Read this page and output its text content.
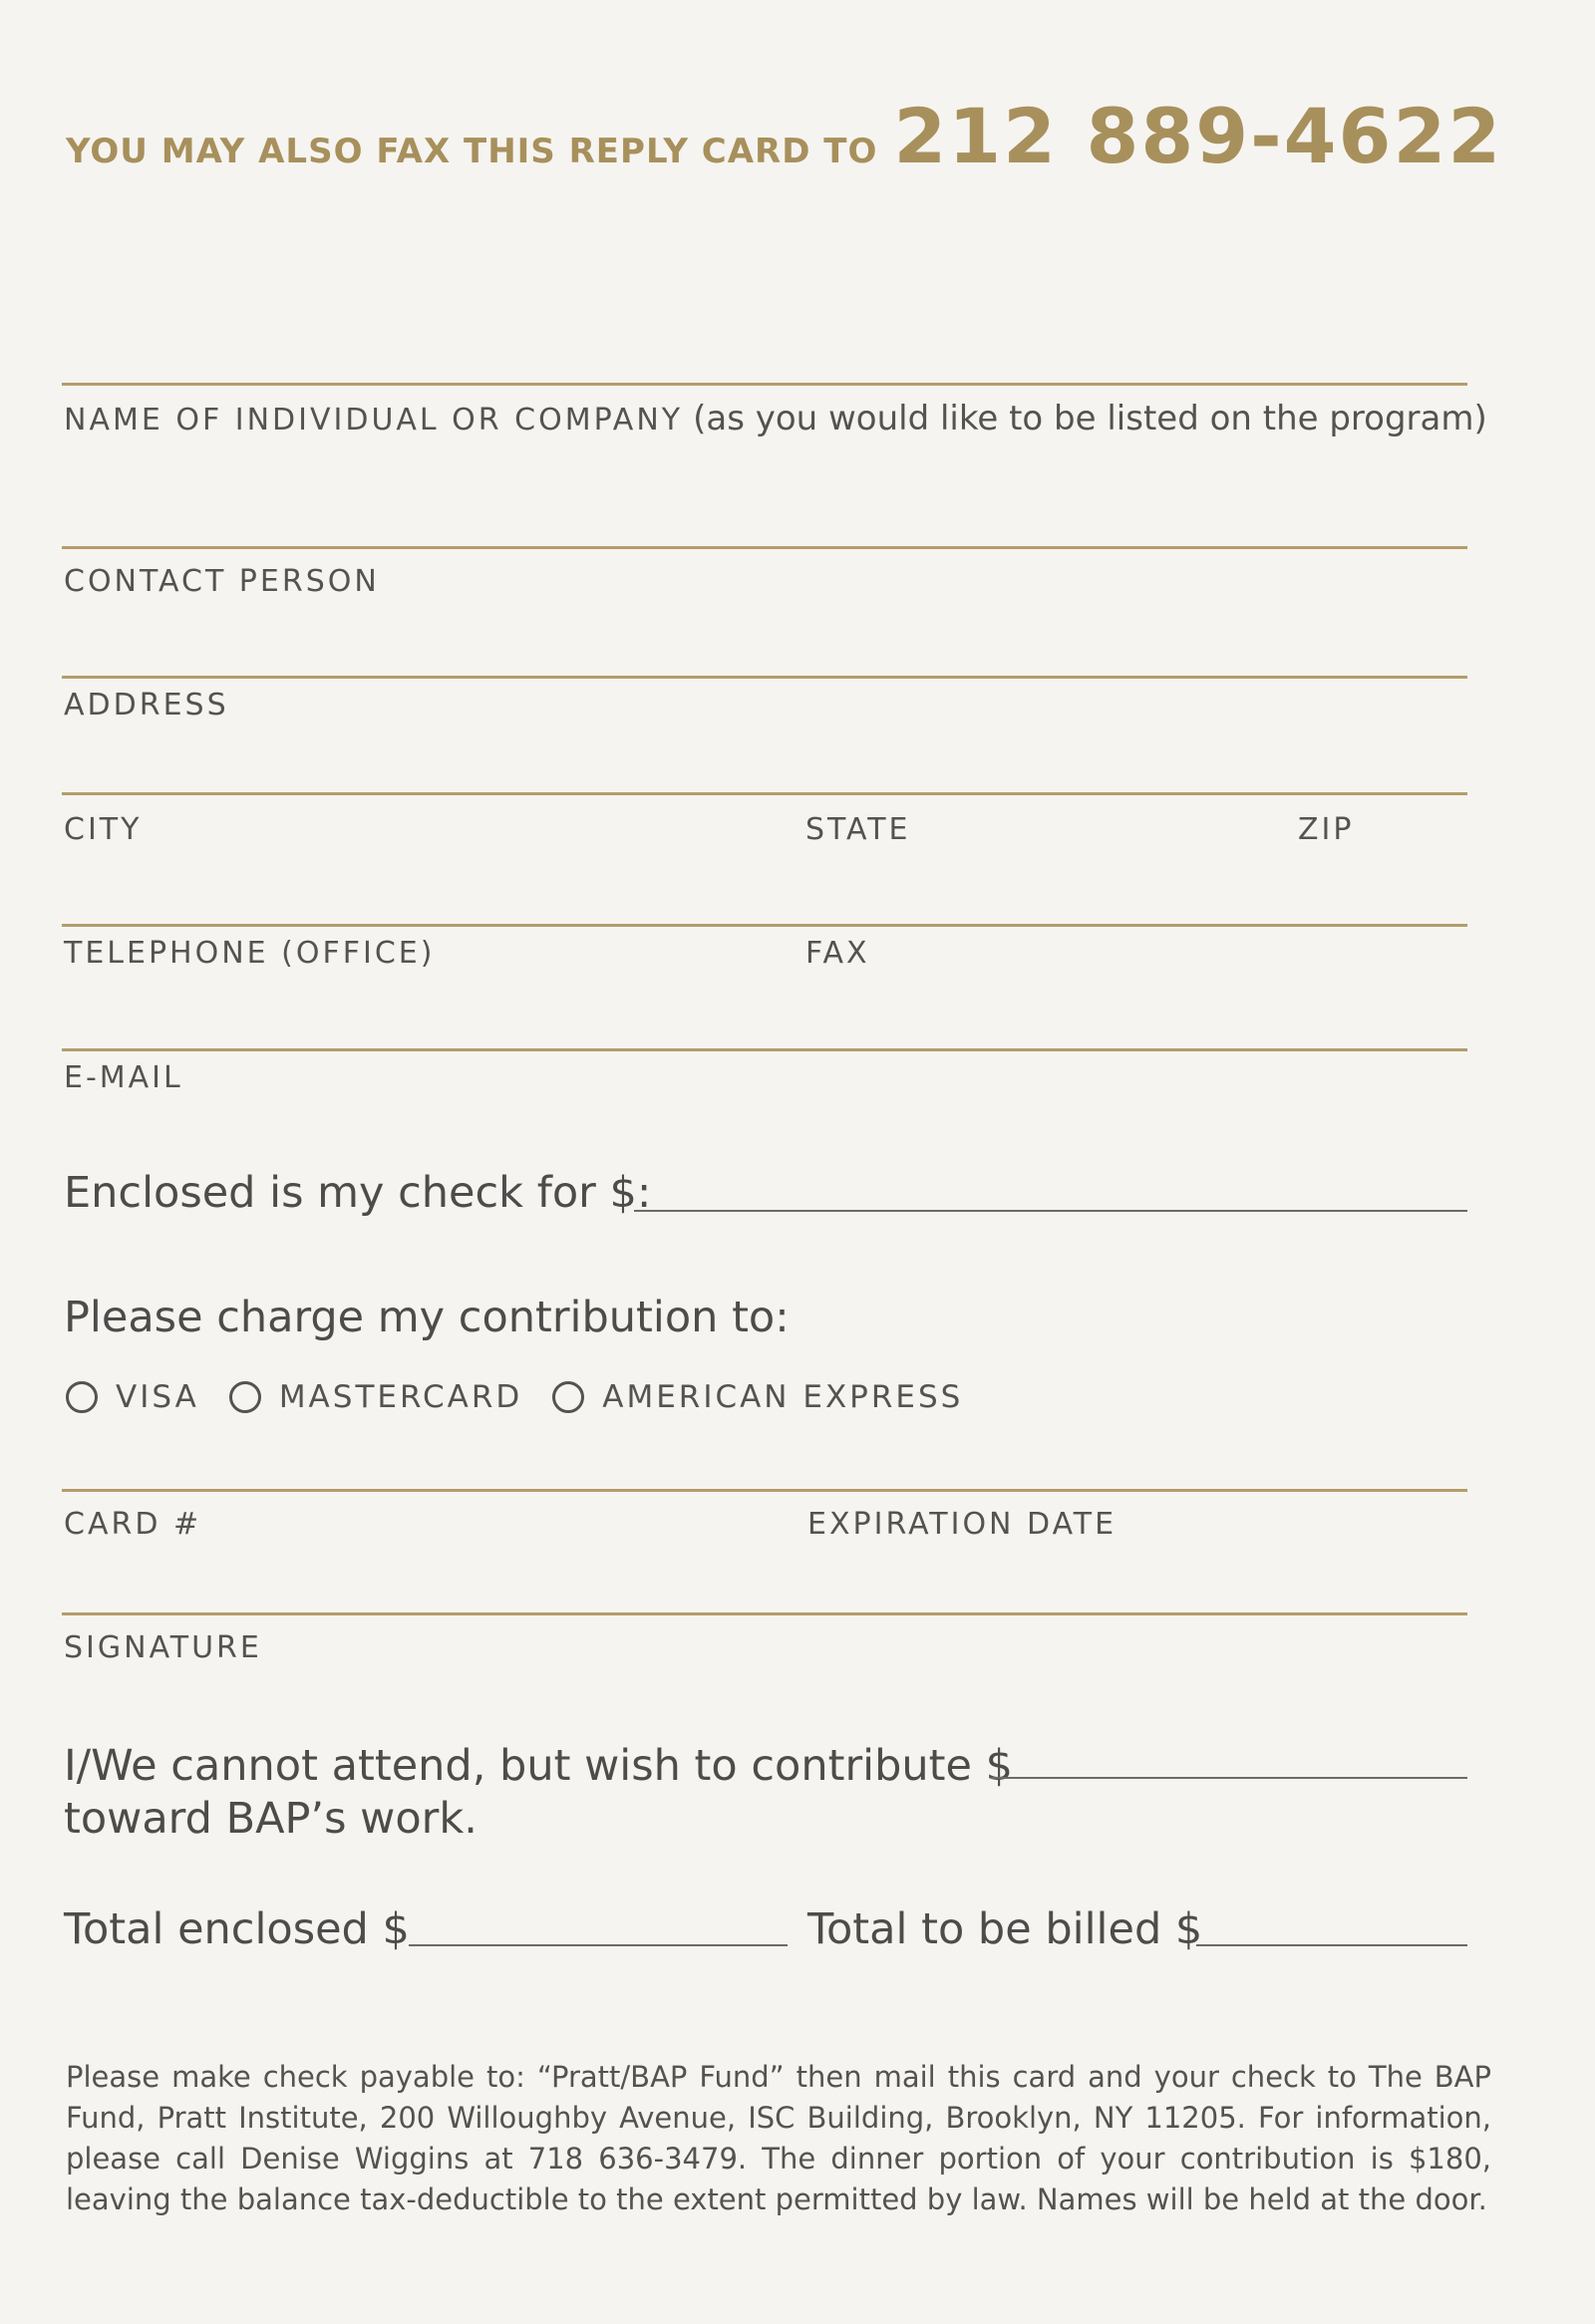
YOU MAY ALSO FAX THIS REPLY CARD TO 212 889-4622
NAME OF INDIVIDUAL OR COMPANY (as you would like to be listed on the program)
CONTACT PERSON
ADDRESS
CITY	STATE	ZIP
TELEPHONE (OFFICE)	FAX
E-MAIL
Enclosed is my check for $:
Please charge my contribution to:
VISA	MASTERCARD	AMERICAN EXPRESS
CARD #	EXPIRATION DATE
SIGNATURE
I/We cannot attend, but wish to contribute $
toward BAP’s work.
Total enclosed $	Total to be billed $
Please make check payable to: “Pratt/BAP Fund” then mail this card and your check to The BAP Fund, Pratt Institute, 200 Willoughby Avenue, ISC Building, Brooklyn, NY 11205. For information, please call Denise Wiggins at 718 636-3479. The dinner portion of your contribution is $180, leaving the balance tax-deductible to the extent permitted by law. Names will be held at the door.
